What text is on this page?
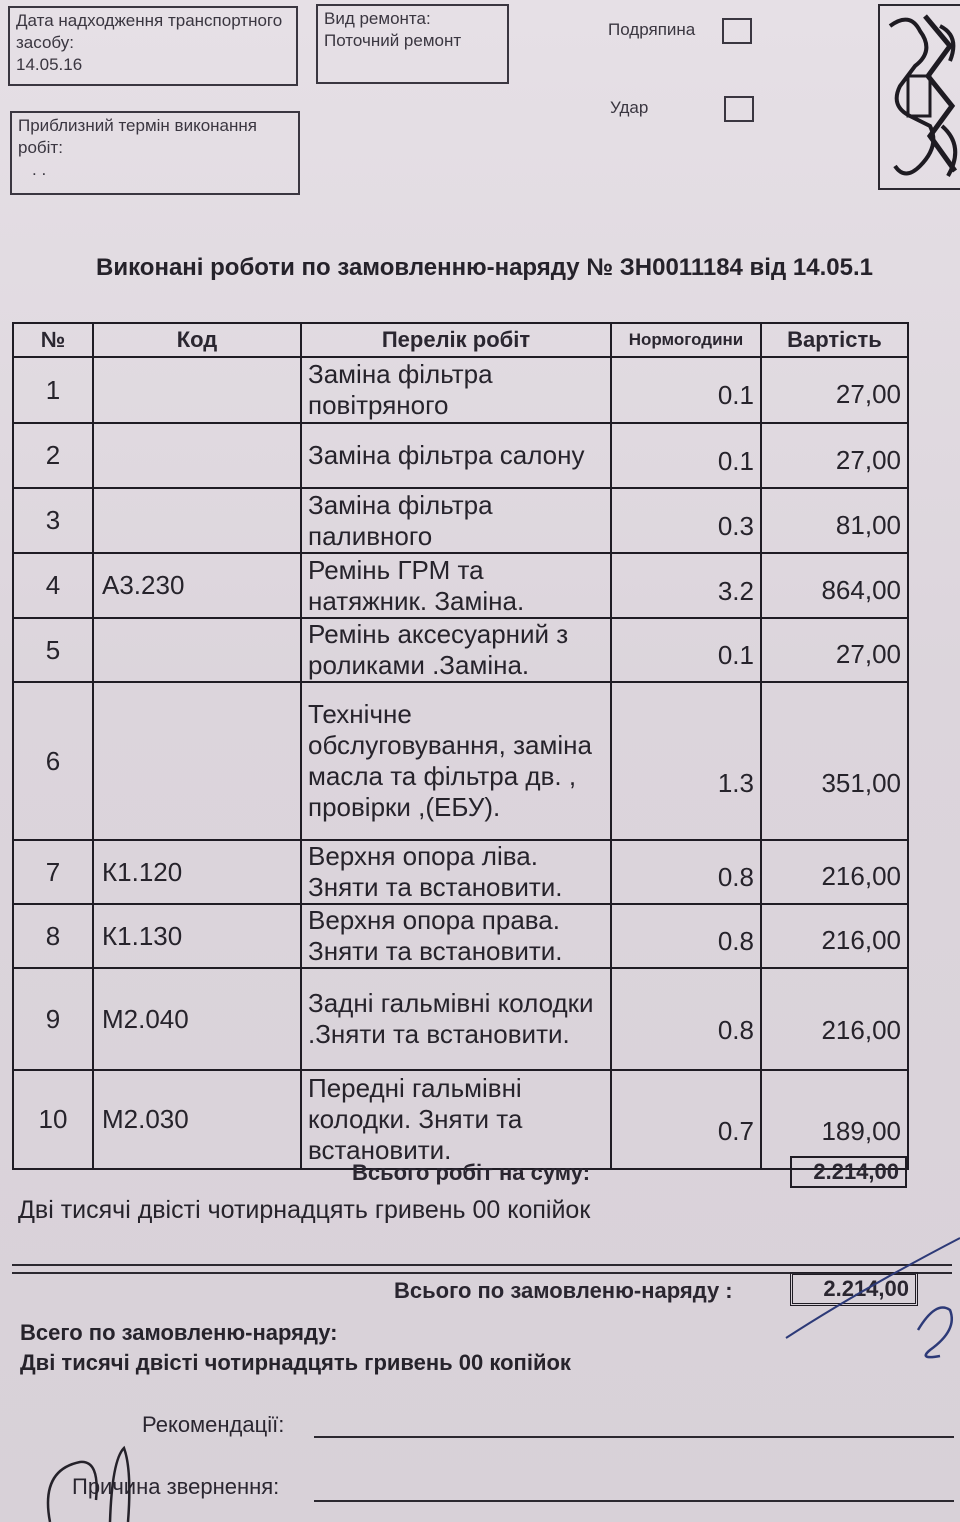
Дата надходження транспортного засобу:
14.05.16
Вид ремонта:
Поточний ремонт
Приблизний термін виконання робіт:
. .
Подряпина
Удар
Виконані роботи по замовленню-наряду № ЗН0011184 від 14.05.1
№	Код	Перелік робіт	Нормогодини	Вартість
1		Заміна фільтра повітряного	0.1	27,00
2		Заміна фільтра салону	0.1	27,00
3		Заміна фільтра паливного	0.3	81,00
4	А3.230	Ремінь ГРМ та натяжник. Заміна.	3.2	864,00
5		Ремінь аксесуарний з роликами .Заміна.	0.1	27,00
6		Технічне обслуговування, заміна масла та фільтра дв. , провірки ,(ЕБУ).	1.3	351,00
7	К1.120	Верхня опора ліва. Зняти та встановити.	0.8	216,00
8	К1.130	Верхня опора права. Зняти та встановити.	0.8	216,00
9	М2.040	Задні гальмівні колодки .Зняти та встановити.	0.8	216,00
10	М2.030	Передні гальмівні колодки. Зняти та встановити.	0.7	189,00
Всього робіт на суму:	2.214,00
Дві тисячі двісті чотирнадцять гривень 00 копійок
Всього по замовленю-наряду :	2.214,00
Всего по замовленю-наряду:
Дві тисячі двісті чотирнадцять гривень 00 копійок
Рекомендації:
Причина звернення:
